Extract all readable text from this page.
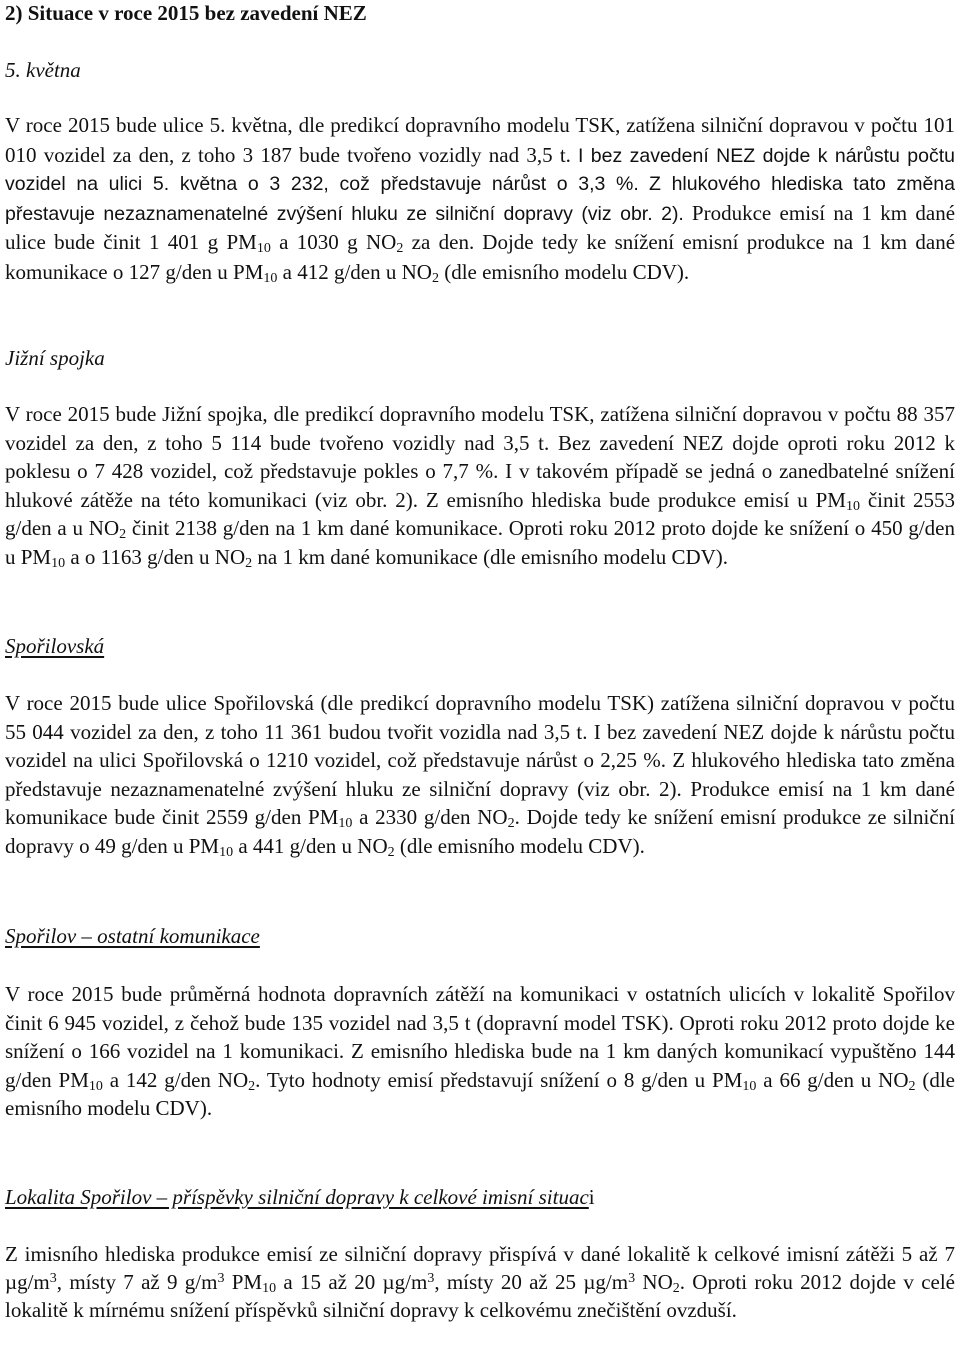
2) Situace v roce 2015 bez zavedení NEZ

5. května

V roce 2015 bude ulice 5. května, dle predikcí dopravního modelu TSK, zatížena silniční dopravou v počtu 101 010 vozidel za den, z toho 3 187 bude tvořeno vozidly nad 3,5 t. I bez zavedení NEZ dojde k nárůstu počtu vozidel na ulici 5. května o 3 232, což představuje nárůst o 3,3 %. Z hlukového hlediska tato změna přestavuje nezaznamenatelné zvýšení hluku ze silniční dopravy (viz obr. 2). Produkce emisí na 1 km dané ulice bude činit 1 401 g $PM_{10}$ a 1030 g $NO_2$ za den. Dojde tedy ke snížení emisní produkce na 1 km dané komunikace o 127 g/den u $PM_{10}$ a 412 g/den u $NO_2$ (dle emisního modelu CDV).

Jižní spojka

V roce 2015 bude Jižní spojka, dle predikcí dopravního modelu TSK, zatížena silniční dopravou v počtu 88 357 vozidel za den, z toho 5 114 bude tvořeno vozidly nad 3,5 t. Bez zavedení NEZ dojde oproti roku 2012 k poklesu o 7 428 vozidel, což představuje pokles o 7,7 %. I v takovém případě se jedná o zanedbatelné snížení hlukové zátěže na této komunikaci (viz obr. 2). Z emisního hlediska bude produkce emisí u $PM_{10}$ činit 2553 g/den a u $NO_2$ činit 2138 g/den na 1 km dané komunikace. Oproti roku 2012 proto dojde ke snížení o 450 g/den u $PM_{10}$ a o 1163 g/den u $NO_2$ na 1 km dané komunikace (dle emisního modelu CDV).

Spořilovská

V roce 2015 bude ulice Spořilovská (dle predikcí dopravního modelu TSK) zatížena silniční dopravou v počtu 55 044 vozidel za den, z toho 11 361 budou tvořit vozidla nad 3,5 t. I bez zavedení NEZ dojde k nárůstu počtu vozidel na ulici Spořilovská o 1210 vozidel, což představuje nárůst o 2,25 %. Z hlukového hlediska tato změna představuje nezaznamenatelné zvýšení hluku ze silniční dopravy (viz obr. 2). Produkce emisí na 1 km dané komunikace bude činit 2559 g/den $PM_{10}$ a 2330 g/den $NO_2$. Dojde tedy ke snížení emisní produkce ze silniční dopravy o 49 g/den u $PM_{10}$ a 441 g/den u $NO_2$ (dle emisního modelu CDV).

Spořilov – ostatní komunikace

V roce 2015 bude průměrná hodnota dopravních zátěží na komunikaci v ostatních ulicích v lokalitě Spořilov činit 6 945 vozidel, z čehož bude 135 vozidel nad 3,5 t (dopravní model TSK). Oproti roku 2012 proto dojde ke snížení o 166 vozidel na 1 komunikaci. Z emisního hlediska bude na 1 km daných komunikací vypuštěno 144 g/den $PM_{10}$ a 142 g/den $NO_2$. Tyto hodnoty emisí představují snížení o 8 g/den u $PM_{10}$ a 66 g/den u $NO_2$ (dle emisního modelu CDV).

Lokalita Spořilov – příspěvky silniční dopravy k celkové imisní situaci

Z imisního hlediska produkce emisí ze silniční dopravy přispívá v dané lokalitě k celkové imisní zátěži 5 až 7 $\mu g/m^3$, místy 7 až 9 $g/m^3$ $PM_{10}$ a 15 až 20 $\mu g/m^3$, místy 20 až 25 $\mu g/m^3$ $NO_2$. Oproti roku 2012 dojde v celé lokalitě k mírnému snížení příspěvků silniční dopravy k celkovému znečištění ovzduší.
